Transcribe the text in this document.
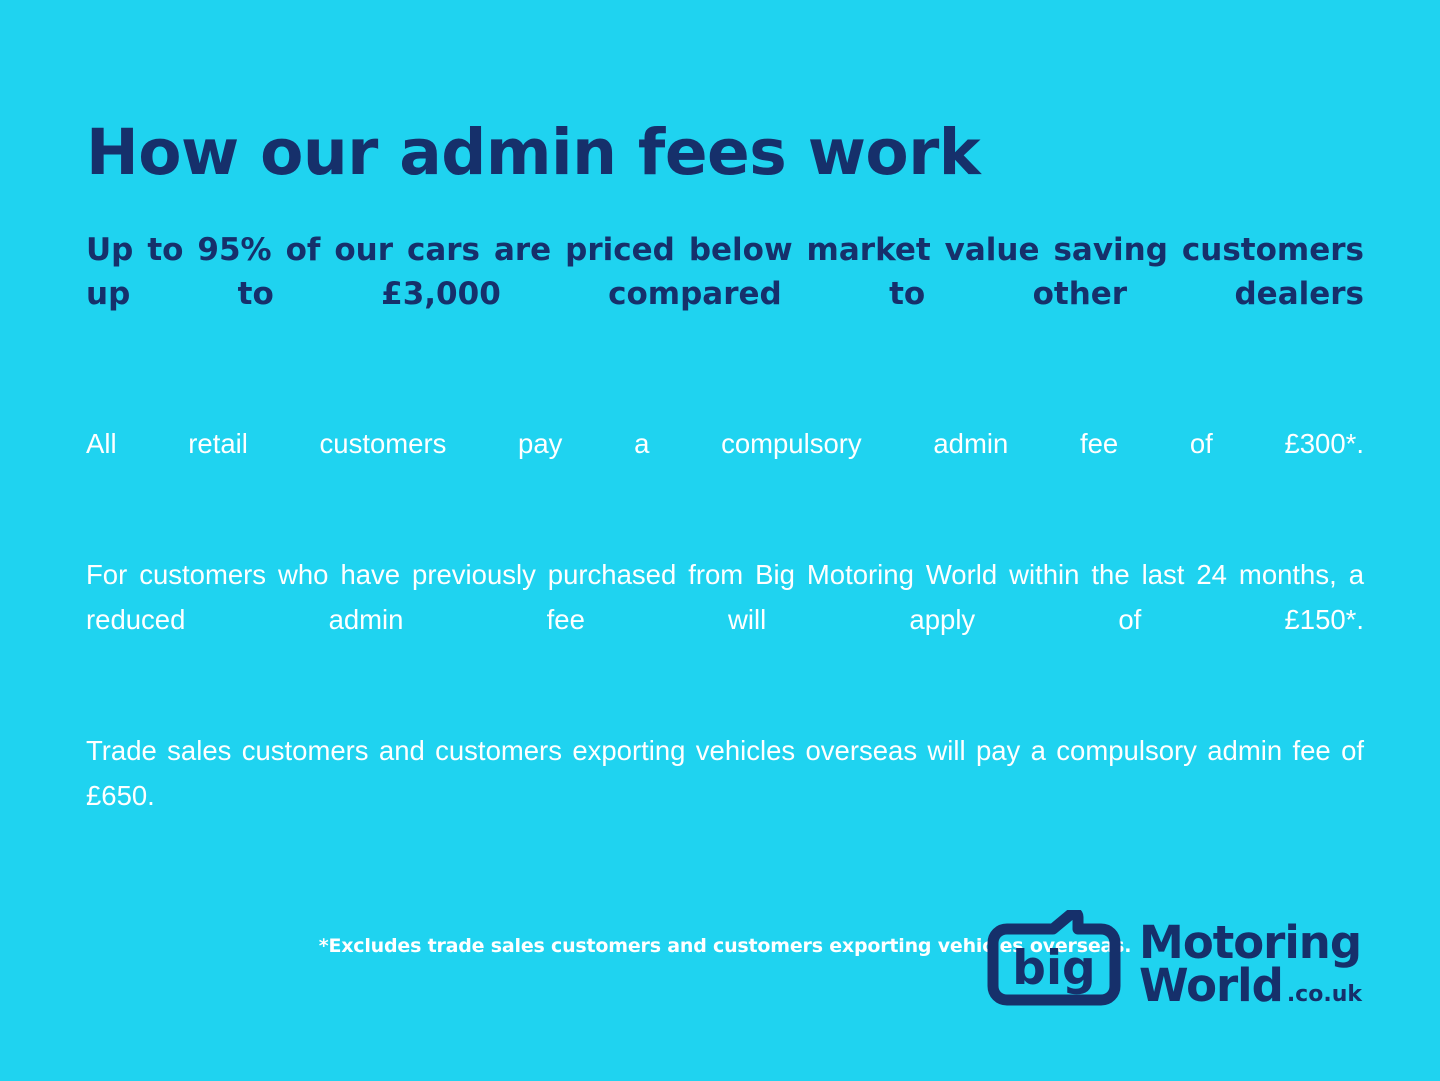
How our admin fees work

Up to 95% of our cars are priced below market value saving customers up to £3,000 compared to other dealers

All retail customers pay a compulsory admin fee of £300*.

For customers who have previously purchased from Big Motoring World within the last 24 months, a reduced admin fee will apply of £150*.

Trade sales customers and customers exporting vehicles overseas will pay a compulsory admin fee of £650.

*Excludes trade sales customers and customers exporting vehicles overseas.

big Motoring
World .co.uk
